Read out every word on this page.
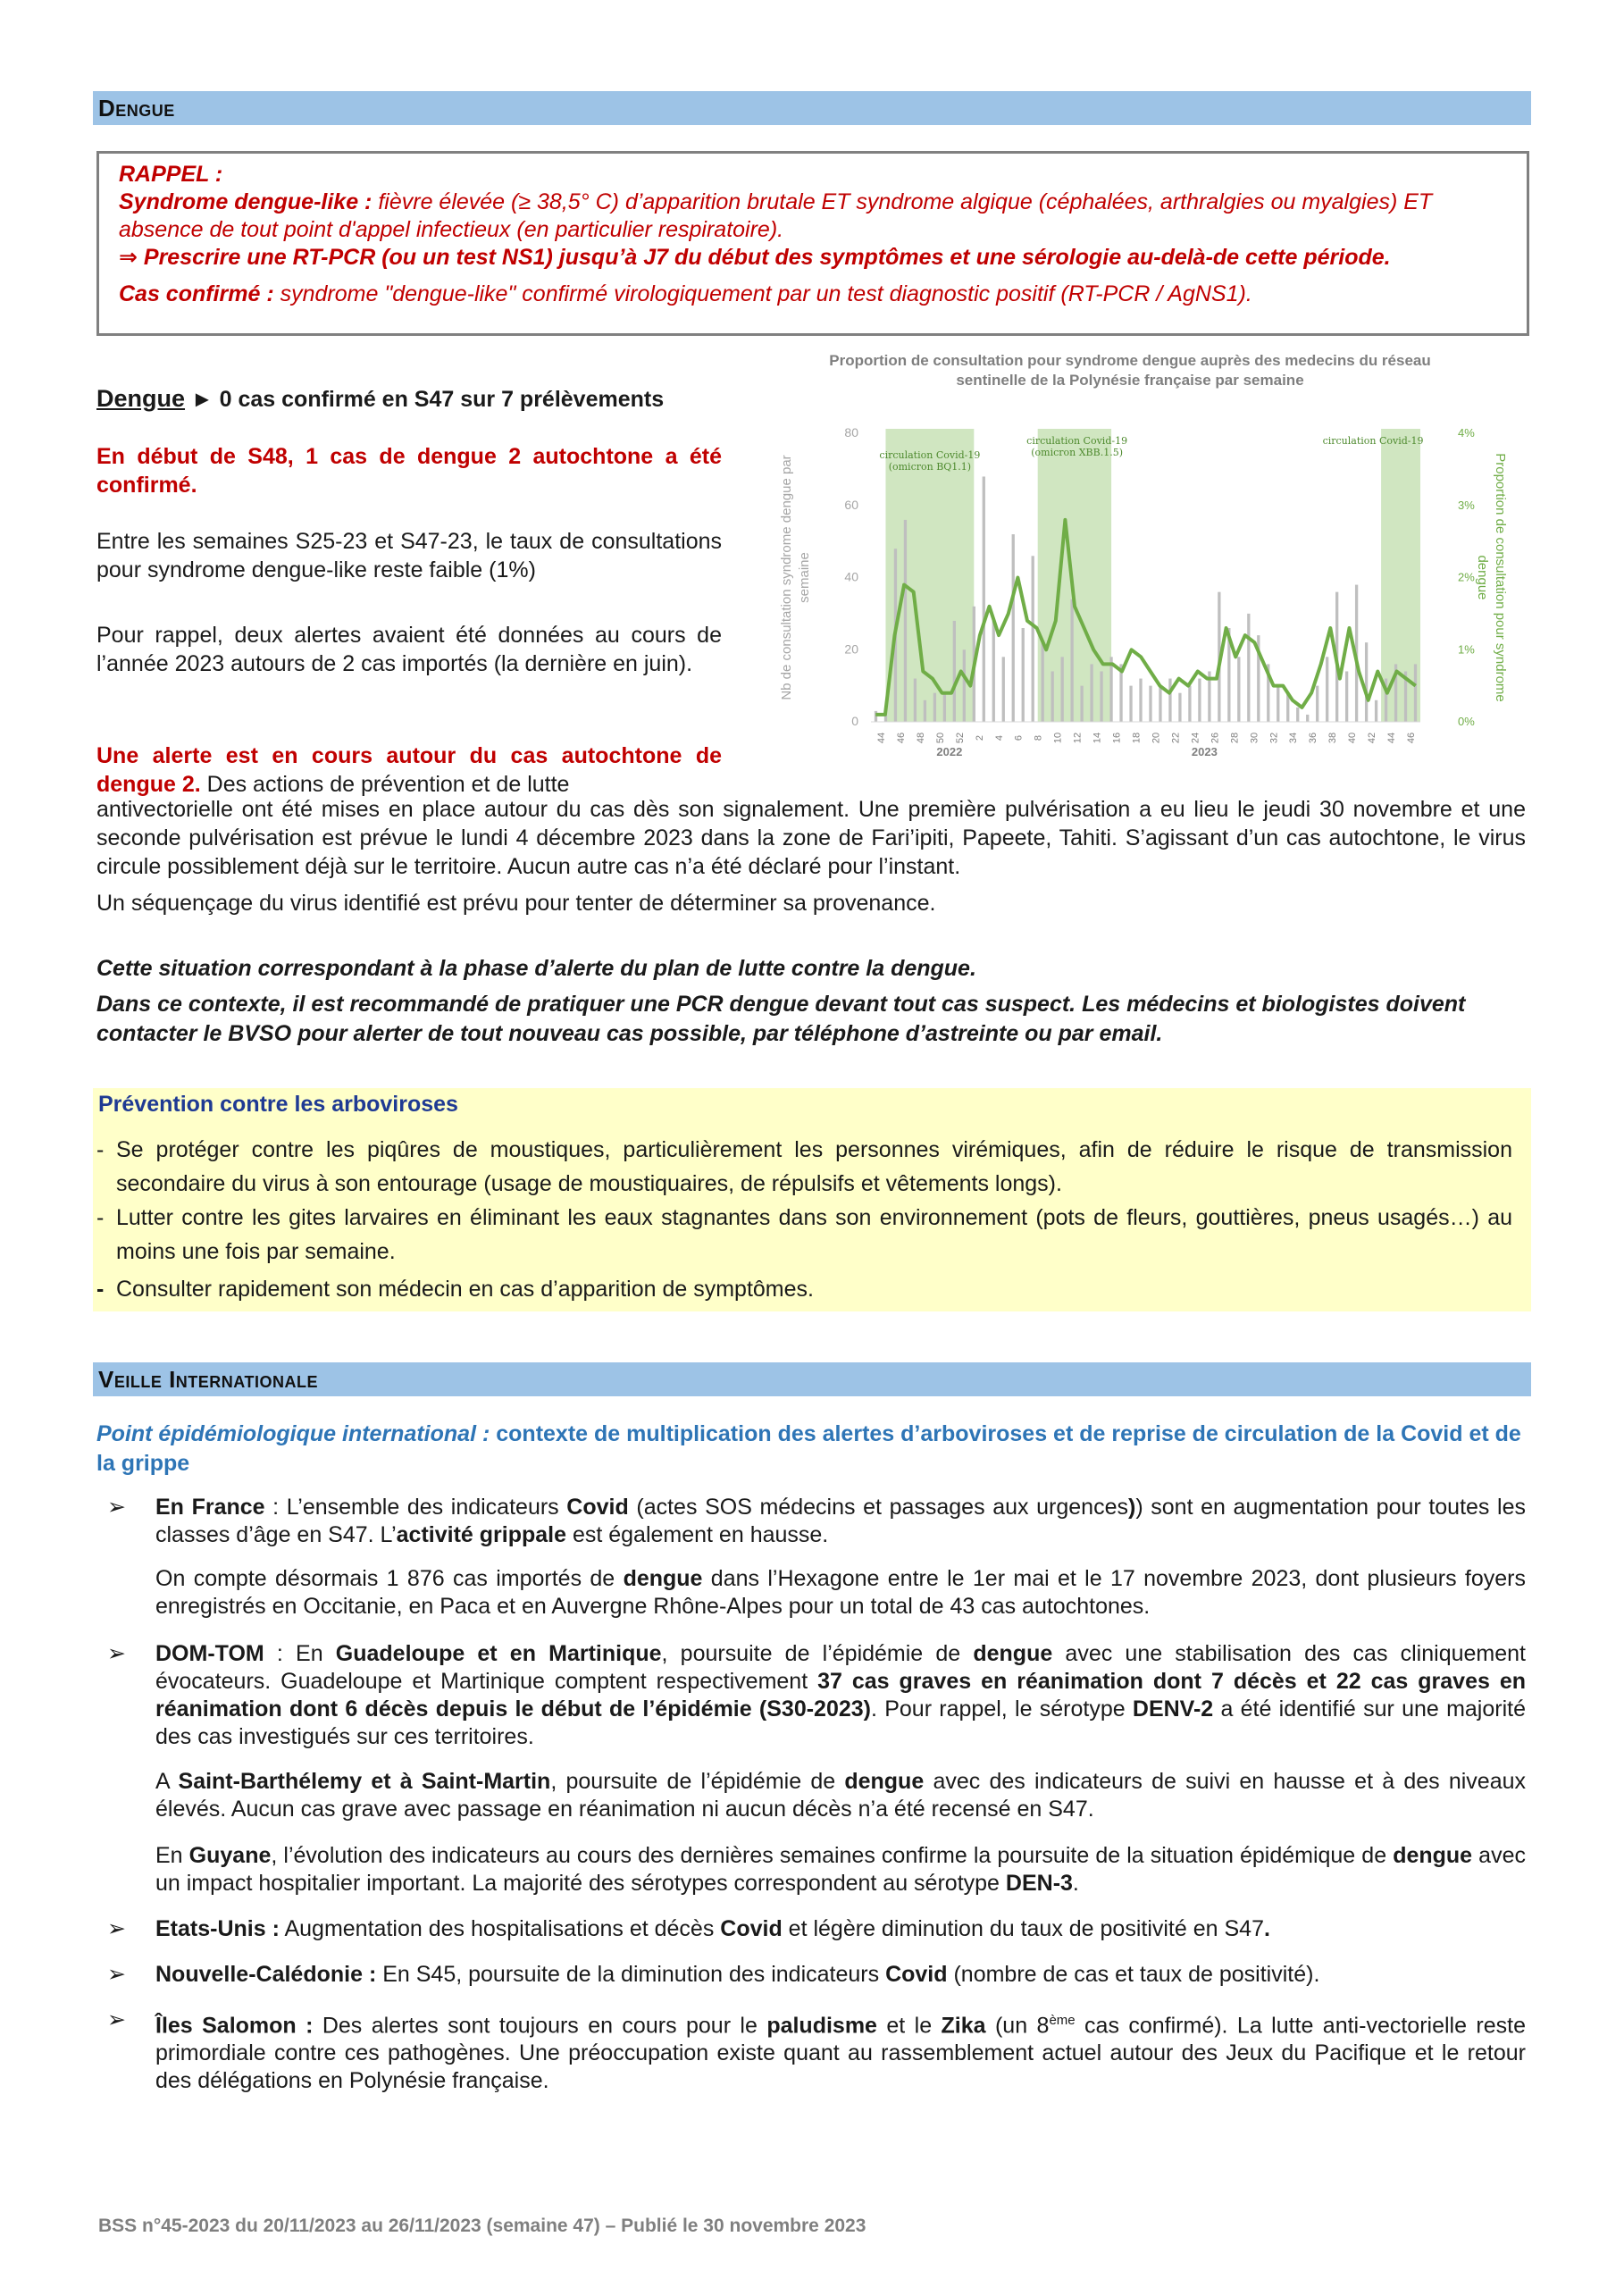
Dengue

RAPPEL :

Syndrome dengue-like : fièvre élevée (≥ 38,5° C) d’apparition brutale ET syndrome algique (céphalées, arthralgies ou myalgies) ET absence de tout point d'appel infectieux (en particulier respiratoire).

⇒ Prescrire une RT-PCR (ou un test NS1) jusqu’à J7 du début des symptômes et une sérologie au-delà-de cette période.

Cas confirmé : syndrome "dengue-like" confirmé virologiquement par un test diagnostic positif (RT-PCR / AgNS1).

Dengue ► 0 cas confirmé en S47 sur 7 prélèvements
En début de S48, 1 cas de dengue 2 autochtone a été confirmé.
Entre les semaines S25-23 et S47-23, le taux de consultations pour syndrome dengue-like reste faible (1%)
Pour rappel, deux alertes avaient été données au cours de l’année 2023 autours de 2 cas importés (la dernière en juin).
Une alerte est en cours autour du cas autochtone de dengue 2. Des actions de prévention et de lutte
antivectorielle ont été mises en place autour du cas dès son signalement. Une première pulvérisation a eu lieu le jeudi 30 novembre et une seconde pulvérisation est prévue le lundi 4 décembre 2023 dans la zone de Fari’ipiti, Papeete, Tahiti. S’agissant d’un cas autochtone, le virus circule possiblement déjà sur le territoire. Aucun autre cas n’a été déclaré pour l’instant.
Un séquençage du virus identifié est prévu pour tenter de déterminer sa provenance.
Cette situation correspondant à la phase d’alerte du plan de lutte contre la dengue.
Dans ce contexte, il est recommandé de pratiquer une PCR dengue devant tout cas suspect. Les médecins et biologistes doivent contacter le BVSO pour alerter de tout nouveau cas possible, par téléphone d’astreinte ou par email.
Proportion de consultation pour syndrome dengue auprès des medecins du réseau sentinelle de la Polynésie française par semaine
circulation Covid-19 (omicron BQ1.1)
circulation Covid-19 (omicron XBB.1.5)
circulation Covid-19
0
20
40
60
80
0%
1%
2%
3%
4%
44 46 48 50 52 2 4 6 8 10 12 14 16 18 20 22 24 26 28 30 32 34 36 38 40 42 44 46
2022	2023
Nb de consultation syndrome dengue par semaine	Proportion de consultation pour syndromedengue
Prévention contre les arboviroses
- Se protéger contre les piqûres de moustiques, particulièrement les personnes virémiques, afin de réduire le risque de transmission secondaire du virus à son entourage (usage de moustiquaires, de répulsifs et vêtements longs).
- Lutter contre les gites larvaires en éliminant les eaux stagnantes dans son environnement (pots de fleurs, gouttières, pneus usagés…) au moins une fois par semaine.
- Consulter rapidement son médecin en cas d’apparition de symptômes.
Veille Internationale
Point épidémiologique international : contexte de multiplication des alertes d’arboviroses et de reprise de circulation de la Covid et de la grippe
➢ En France : L’ensemble des indicateurs Covid (actes SOS médecins et passages aux urgences)) sont en augmentation pour toutes les classes d’âge en S47. L’activité grippale est également en hausse.
On compte désormais 1 876 cas importés de dengue dans l’Hexagone entre le 1er mai et le 17 novembre 2023, dont plusieurs foyers enregistrés en Occitanie, en Paca et en Auvergne Rhône-Alpes pour un total de 43 cas autochtones.
➢ DOM-TOM : En Guadeloupe et en Martinique, poursuite de l’épidémie de dengue avec une stabilisation des cas cliniquement évocateurs. Guadeloupe et Martinique comptent respectivement 37 cas graves en réanimation dont 7 décès et 22 cas graves en réanimation dont 6 décès depuis le début de l’épidémie (S30-2023). Pour rappel, le sérotype DENV-2 a été identifié sur une majorité des cas investigués sur ces territoires.
A Saint-Barthélemy et à Saint-Martin, poursuite de l’épidémie de dengue avec des indicateurs de suivi en hausse et à des niveaux élevés. Aucun cas grave avec passage en réanimation ni aucun décès n’a été recensé en S47.
En Guyane, l’évolution des indicateurs au cours des dernières semaines confirme la poursuite de la situation épidémique de dengue avec un impact hospitalier important. La majorité des sérotypes correspondent au sérotype DEN-3.
➢ Etats-Unis : Augmentation des hospitalisations et décès Covid et légère diminution du taux de positivité en S47.
➢ Nouvelle-Calédonie : En S45, poursuite de la diminution des indicateurs Covid (nombre de cas et taux de positivité).
➢ Îles Salomon : Des alertes sont toujours en cours pour le paludisme et le Zika (un 8ème cas confirmé). La lutte anti-vectorielle reste primordiale contre ces pathogènes. Une préoccupation existe quant au rassemblement actuel autour des Jeux du Pacifique et le retour des délégations en Polynésie française.
BSS n°45-2023 du 20/11/2023 au 26/11/2023 (semaine 47) – Publié le 30 novembre 2023
